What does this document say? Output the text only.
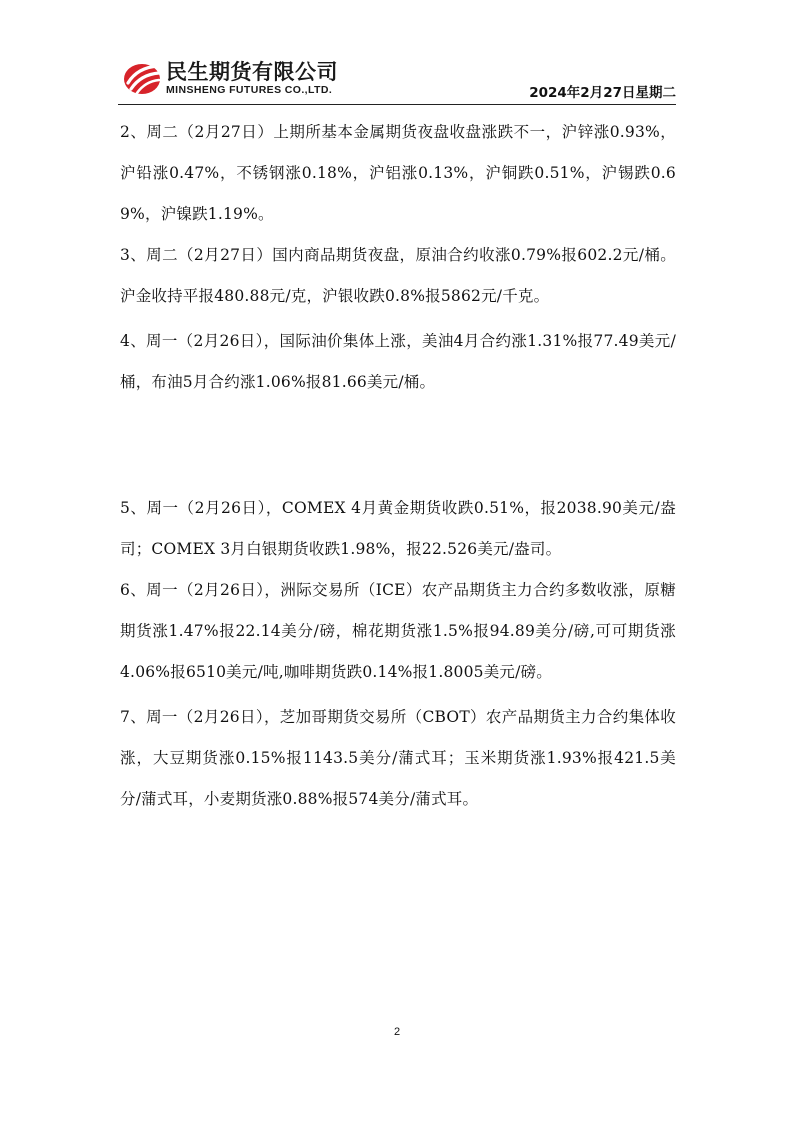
民生期货有限公司
MINSHENG FUTURES CO.,LTD.	2024年2月27日星期二

2、周二（2月27日）上期所基本金属期货夜盘收盘涨跌不一，沪锌涨0.93%，沪铅涨0.47%，不锈钢涨0.18%，沪铝涨0.13%，沪铜跌0.51%，沪锡跌0.69%，沪镍跌1.19%。

3、周二（2月27日）国内商品期货夜盘，原油合约收涨0.79%报602.2元/桶。沪金收持平报480.88元/克，沪银收跌0.8%报5862元/千克。

4、周一（2月26日），国际油价集体上涨，美油4月合约涨1.31%报77.49美元/桶，布油5月合约涨1.06%报81.66美元/桶。

5、周一（2月26日），COMEX 4月黄金期货收跌0.51%，报2038.90美元/盎司；COMEX 3月白银期货收跌1.98%，报22.526美元/盎司。

6、周一（2月26日），洲际交易所（ICE）农产品期货主力合约多数收涨，原糖期货涨1.47%报22.14美分/磅，棉花期货涨1.5%报94.89美分/磅,可可期货涨4.06%报6510美元/吨,咖啡期货跌0.14%报1.8005美元/磅。

7、周一（2月26日），芝加哥期货交易所（CBOT）农产品期货主力合约集体收涨，大豆期货涨0.15%报1143.5美分/蒲式耳；玉米期货涨1.93%报421.5美分/蒲式耳，小麦期货涨0.88%报574美分/蒲式耳。

2
